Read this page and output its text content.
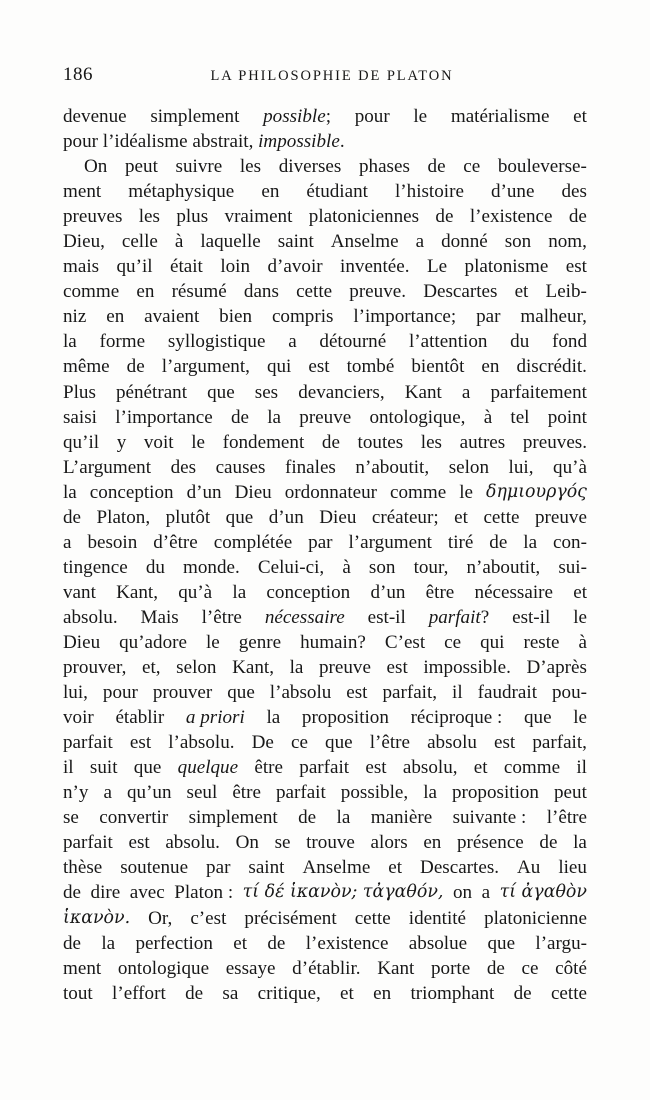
186	LA PHILOSOPHIE DE PLATON
devenue simplement possible; pour le matérialisme et
pour l’idéalisme abstrait, impossible .
On peut suivre les diverses phases de ce bouleverse-
ment métaphysique en étudiant l’histoire d’une des
preuves les plus vraiment platoniciennes de l’existence de
Dieu, celle à laquelle saint Anselme a donné son nom,
mais qu’il était loin d’avoir inventée. Le platonisme est
comme en résumé dans cette preuve. Descartes et Leib-
niz en avaient bien compris l’importance; par malheur,
la forme syllogistique a détourné l’attention du fond
même de l’argument, qui est tombé bientôt en discrédit.
Plus pénétrant que ses devanciers, Kant a parfaitement
saisi l’importance de la preuve ontologique, à tel point
qu’il y voit le fondement de toutes les autres preuves.
L’argument des causes finales n’aboutit, selon lui, qu’à
la conception d’un Dieu ordonnateur comme le δημιουργός
de Platon, plutôt que d’un Dieu créateur; et cette preuve
a besoin d’être complétée par l’argument tiré de la con-
tingence du monde. Celui-ci, à son tour, n’aboutit, sui-
vant Kant, qu’à la conception d’un être nécessaire et
absolu. Mais l’être nécessaire est-il parfait? est-il le
Dieu qu’adore le genre humain? C’est ce qui reste à
prouver, et, selon Kant, la preuve est impossible. D’après
lui, pour prouver que l’absolu est parfait, il faudrait pou-
voir établir a priori la proposition réciproque : que le
parfait est l’absolu. De ce que l’être absolu est parfait,
il suit que quelque être parfait est absolu, et comme il
n’y a qu’un seul être parfait possible, la proposition peut
se convertir simplement de la manière suivante : l’être
parfait est absolu. On se trouve alors en présence de la
thèse soutenue par saint Anselme et Descartes. Au lieu
de dire avec Platon : τί δέ ἱκανὸν; τἀγαθόν, on a τί ἀγαθὸν
ἱκανὸν. Or, c’est précisément cette identité platonicienne
de la perfection et de l’existence absolue que l’argu-
ment ontologique essaye d’établir. Kant porte de ce côté
tout l’effort de sa critique, et en triomphant de cette
